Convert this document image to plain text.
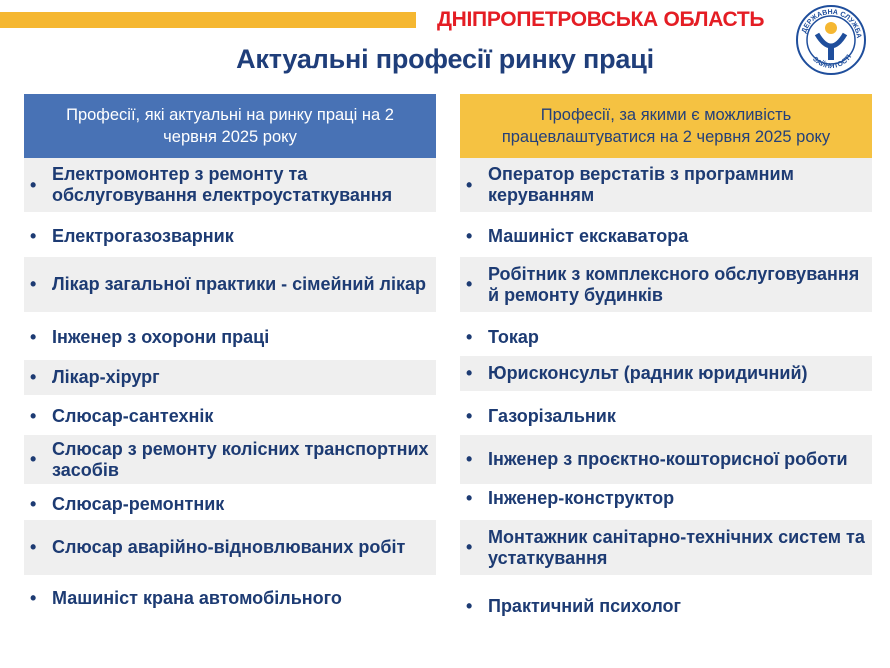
ДНІПРОПЕТРОВСЬКА ОБЛАСТЬ	ДЕРЖАВНА СЛУЖБА
ЗАЙНЯТОСТІ
Актуальні професії ринку праці
Професії, які актуальні на ринку праці на 2 червня 2025 року
•
Електромонтер з ремонту та обслуговування електроустаткування
• Електрогазозварник
• Лікар загальної практики - сімейний лікар
• Інженер з охорони праці
• Лікар-хірург
• Слюсар-сантехнік
•
Слюсар з ремонту колісних транспортних засобів
• Слюсар-ремонтник
• Слюсар аварійно-відновлюваних робіт
• Машиніст крана автомобільного
Професії, за якими є можливість працевлаштуватися на 2 червня 2025 року
•
Оператор верстатів з програмним керуванням
• Машиніст екскаватора
•
Робітник з комплексного обслуговування й ремонту будинків
• Токар
• Юрисконсульт (радник юридичний)
• Газорізальник
• Інженер з проєктно-кошторисної роботи
• Інженер-конструктор
•
Монтажник санітарно-технічних систем та устаткування
• Практичний психолог
